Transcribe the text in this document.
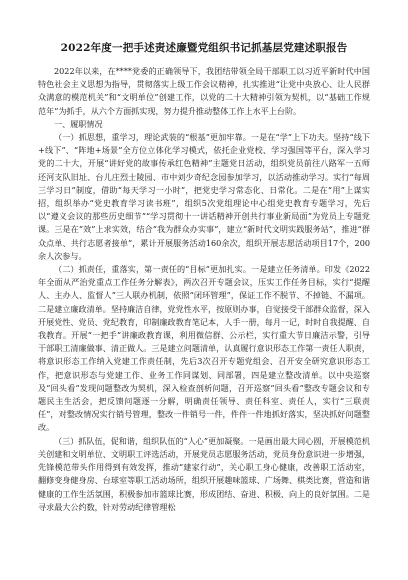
2022年度一把手述责述廉暨党组织书记抓基层党建述职报告

2022年以来，在****党委的正确领导下，我团结带领全局干部职工以习近平新时代中国特色社会主义思想为指导，贯彻落实上级工作会议精神，扎实推进“让党中央放心、让人民群众满意的模范机关”和“文明单位”创建工作，以党的二十大精神引领为契机，以“基础工作规范年”为抓手，从六个方面抓实现，努力提升推动整体工作上水平上台阶。

一、履职情况

（一）抓思想，重学习，理论武装的“根基”更加牢靠。一是在“学”上下功夫。坚持“线下+线下”、“阵地+场景”全方位立体化学习模式，依托企业党校、学习强国等平台，深入学习党的二十大，开展“讲好党的故事传承红色精神”主题党日活动，组织党员前往八路军一五师还河支队旧址、台儿庄烈士陵园、市中刘少奇纪念园参加学习，以活动推动学习。实行“每周三学习日”制度，借助“每天学习一小时”，把党史学习常态化、日常化。二是在“用”上谋实招，组织举办“党史教育学习读书班”，组织5次党组理论中心组党史教育专题学习，先后以“遵义会议的那些历史细节”“学习贯彻十一讲话精神开创共行事业新局面”为党员上专题党课。三是在“效”上求实效，结合“我为群众办实事”，建立“新时代文明实践服务站”，推进“群众点单、共行志愿者接单”，累计开展服务活动160余次，组织开展志愿活动项目17个，200余人次参与。

（二）抓责任，重落实，第一责任的“目标”更加扎实。一是建立任务清单。印发《2022年全面从严治党重点工作任务分解表》，两次召开专题会议，压实工作任务目标，实行“提醒人、主办人、监督人”三人联办机制，依照“闭环管理”，保证工作不脱节、不掉链、不漏项。二是建立廉政清单。坚持廉洁自律，党党性水平，按原则办事，自觉接受干部群众监督，深入开展党性、党员、党纪教育，印制廉政教育笔记本，人手一册，每月一记，时时自我提醒、自我教育。开展“一把手”讲廉政教育课，利用微信群、公示栏，实行重大节日廉洁示警，引导干部职工清廉做事、清正做人。三是建立问题清单，认真履行意识形态工作第一责任人职责，将意识形态工作纳入党建工作责任制，先后3次召开专题党组会、召开安全研究意识形态工作，把意识形态与党建工作、业务工作同谋划、同部署，四是建立整改清单。以中央巡察及“回头看”发现问题整改为契机，深入检查剖析问题，召开巡察“回头看”整改专题会议和专题民主生活会，把反馈问题逐一分解，明确责任领导、责任科室、责任人，实行“三联责任”，对整改情况实行销号管理，整改一件销号一件，件件一件地抓好落实，坚决抓好问题整改。

（三）抓队伍，促和谐，组织队伍的“人心”更加凝聚。一是画出最大同心圆，开展模范机关创建和文明单位、文明职工评选活动，开展党员志愿服务活动，党员身份意识进一步增强，先锋模范带头作用得到有效发挥，推动“建家行动”，关心职工身心健康，改善职工活动室，翻修变身健身房、台球室等职工活动场所，组织开展趣味篮球、广场舞、棋类比赛，营造和谐健康的工作生活氛围，积极参加市篮球比赛，形成团结、奋进、积极、向上的良好氛围。二是寻求最大公约数，针对劳动纪律管理松
